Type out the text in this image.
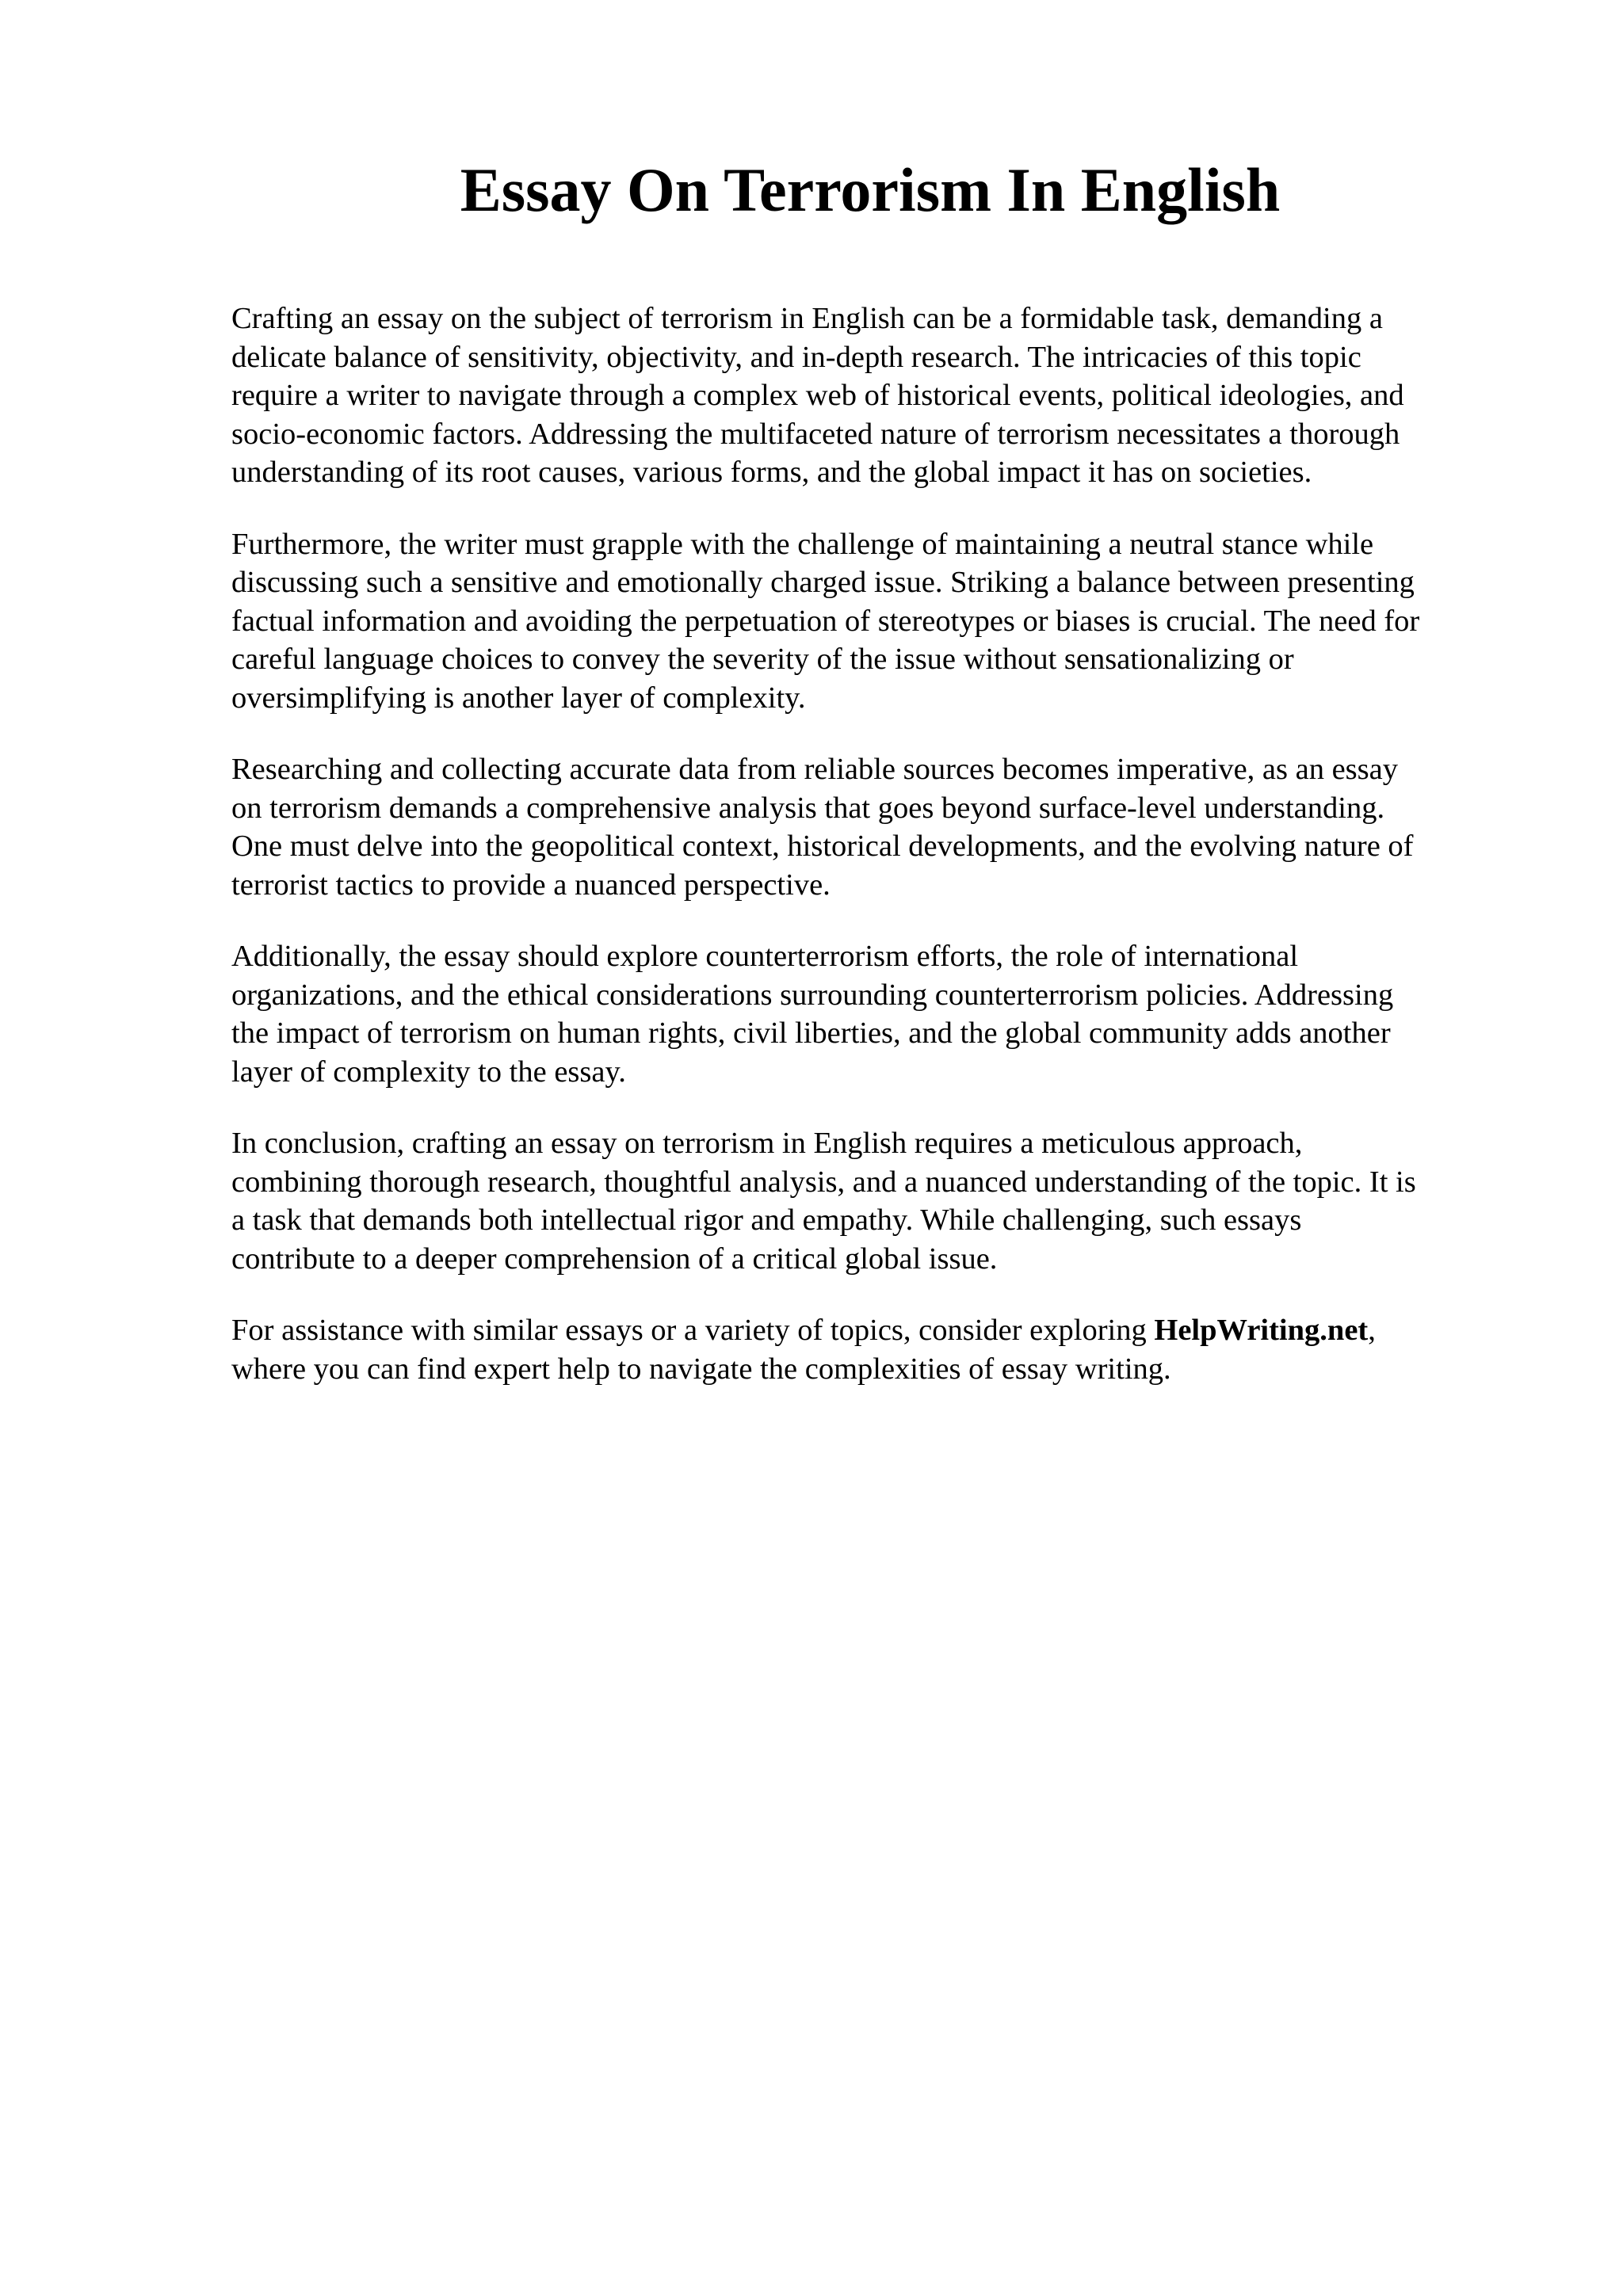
Essay On Terrorism In English

Crafting an essay on the subject of terrorism in English can be a formidable task, demanding a
delicate balance of sensitivity, objectivity, and in-depth research. The intricacies of this topic
require a writer to navigate through a complex web of historical events, political ideologies, and
socio-economic factors. Addressing the multifaceted nature of terrorism necessitates a thorough
understanding of its root causes, various forms, and the global impact it has on societies.

Furthermore, the writer must grapple with the challenge of maintaining a neutral stance while
discussing such a sensitive and emotionally charged issue. Striking a balance between presenting
factual information and avoiding the perpetuation of stereotypes or biases is crucial. The need for
careful language choices to convey the severity of the issue without sensationalizing or
oversimplifying is another layer of complexity.

Researching and collecting accurate data from reliable sources becomes imperative, as an essay
on terrorism demands a comprehensive analysis that goes beyond surface-level understanding.
One must delve into the geopolitical context, historical developments, and the evolving nature of
terrorist tactics to provide a nuanced perspective.

Additionally, the essay should explore counterterrorism efforts, the role of international
organizations, and the ethical considerations surrounding counterterrorism policies. Addressing
the impact of terrorism on human rights, civil liberties, and the global community adds another
layer of complexity to the essay.

In conclusion, crafting an essay on terrorism in English requires a meticulous approach,
combining thorough research, thoughtful analysis, and a nuanced understanding of the topic. It is
a task that demands both intellectual rigor and empathy. While challenging, such essays
contribute to a deeper comprehension of a critical global issue.

For assistance with similar essays or a variety of topics, consider exploring HelpWriting.net,
where you can find expert help to navigate the complexities of essay writing.
